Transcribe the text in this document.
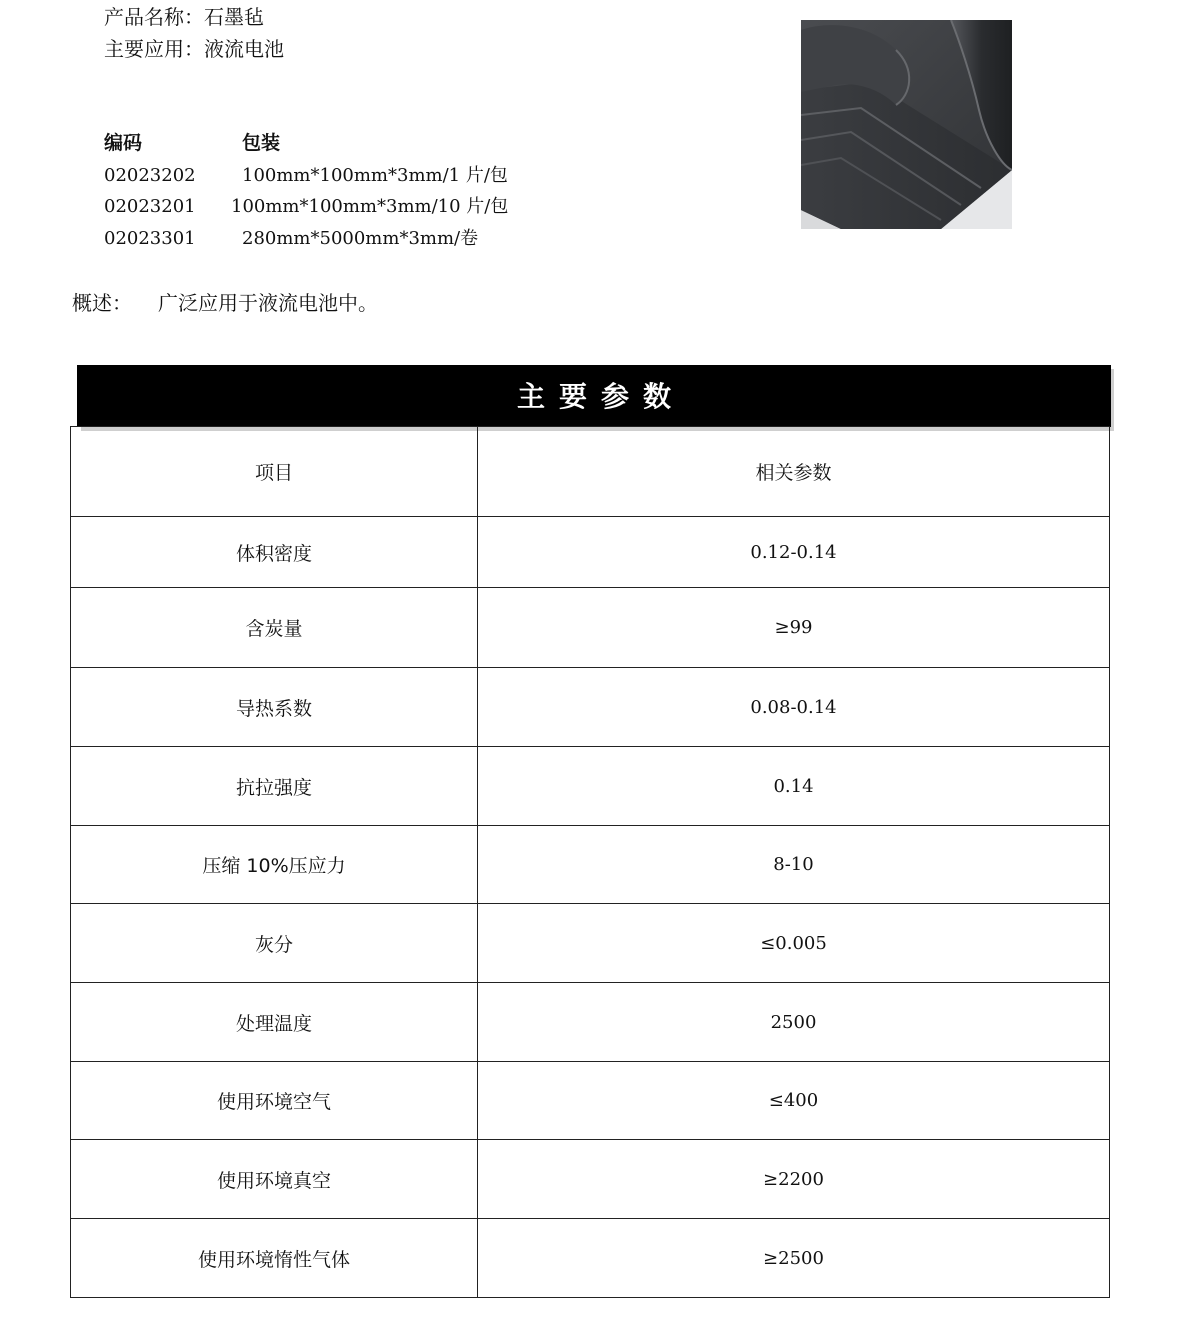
产品名称：石墨毡
主要应用：液流电池
编码	包装
02023202	100mm*100mm*3mm/1 片/包
02023201 100mm*100mm*3mm/10 片/包
02023301	280mm*5000mm*3mm/卷
概述： 广泛应用于液流电池中。
主要参数
项目	相关参数
体积密度	0.12-0.14
含炭量	≥99
导热系数	0.08-0.14
抗拉强度	0.14
压缩 10%压应力	8-10
灰分	≤0.005
处理温度	2500
使用环境空气	≤400
使用环境真空	≥2200
使用环境惰性气体	≥2500
